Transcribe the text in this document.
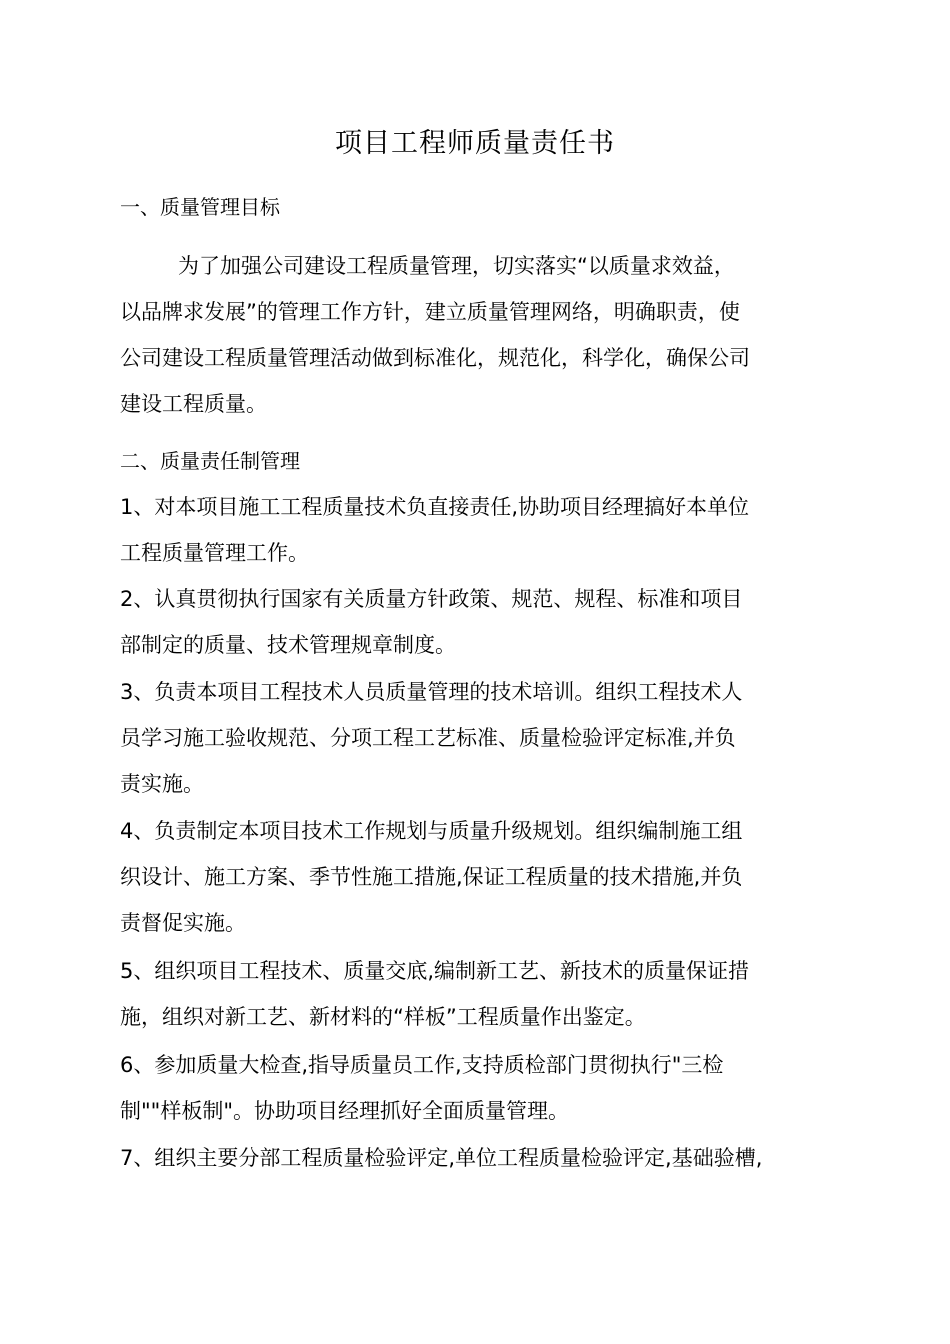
项目工程师质量责任书
一、质量管理目标
为了加强公司建设工程质量管理，切实落实“以质量求效益，
以品牌求发展”的管理工作方针，建立质量管理网络，明确职责，使
公司建设工程质量管理活动做到标准化，规范化，科学化，确保公司
建设工程质量。
二、质量责任制管理
1、对本项目施工工程质量技术负直接责任,协助项目经理搞好本单位
工程质量管理工作。
2、认真贯彻执行国家有关质量方针政策、规范、规程、标准和项目
部制定的质量、技术管理规章制度。
3、负责本项目工程技术人员质量管理的技术培训。组织工程技术人
员学习施工验收规范、分项工程工艺标准、质量检验评定标准,并负
责实施。
4、负责制定本项目技术工作规划与质量升级规划。组织编制施工组
织设计、施工方案、季节性施工措施,保证工程质量的技术措施,并负
责督促实施。
5、组织项目工程技术、质量交底,编制新工艺、新技术的质量保证措
施，组织对新工艺、新材料的“样板”工程质量作出鉴定。
6、参加质量大检查,指导质量员工作,支持质检部门贯彻执行"三检
制""样板制"。协助项目经理抓好全面质量管理。
7、组织主要分部工程质量检验评定,单位工程质量检验评定,基础验槽,
